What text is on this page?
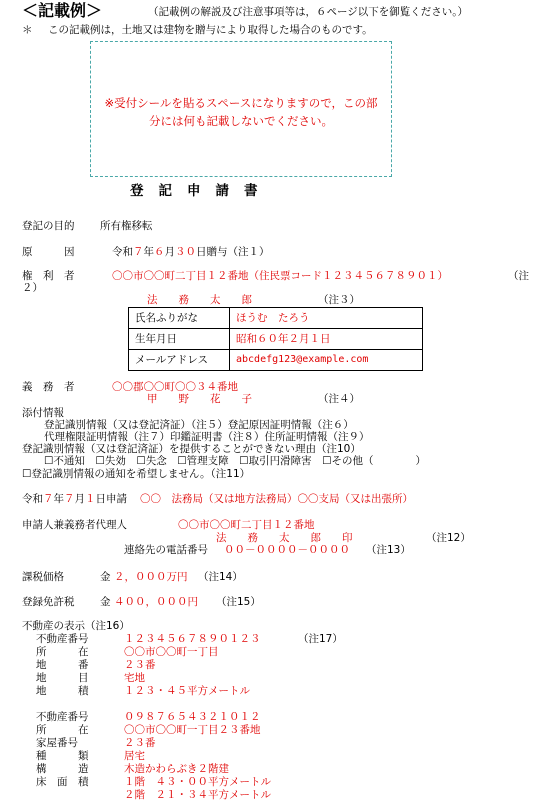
＜記載例＞	（記載例の解説及び注意事項等は，６ページ以下を御覧ください。）
＊ この記載例は，土地又は建物を贈与により取得した場合のものです。
※受付シールを貼るスペースになりますので，この部
分には何も記載しないでください。
登記申請書
登記の目的 所有権移転
原　　　因	令和７年６月３０日贈与（注１）
権　利　者	〇〇市〇〇町二丁目１２番地（住民票コード１２３４５６７８９０１）	（注
２）
法　　務　　太　　郎	（注３）
氏名ふりがな	ほうむ　たろう
生年月日	昭和６０年２月１日
メールアドレス	abcdefg123@example.com
義　務　者	〇〇郡〇〇町〇〇３４番地
甲　　野　　花　　子	（注４）
添付情報
登記識別情報（又は登記済証）（注５）登記原因証明情報（注６）
代理権限証明情報（注７）印鑑証明書（注８）住所証明情報（注９）
登記識別情報（又は登記済証）を提供することができない理由（注10）
☐不通知　☐失効　☐失念　☐管理支障　☐取引円滑障害　☐その他（　　　　）
☐登記識別情報の通知を希望しません。（注11）
令和７年７月１日申請 〇〇　法務局（又は地方法務局）〇〇支局（又は出張所）
申請人兼義務者代理人	〇〇市〇〇町二丁目１２番地
法　　務　　太　　郎　　印	（注12）
連絡先の電話番号 ００－００００－００００ （注13）
課税価格	金 ２，０００万円 （注14）
登録免許税 金 ４００，０００円 （注15）
不動産の表示（注16）
不動産番号	１２３４５６７８９０１２３	（注17）
所　　　在	〇〇市〇〇町一丁目
地　　　番	２３番
地　　　目	宅地
地　　　積	１２３・４５平方メートル
不動産番号	０９８７６５４３２１０１２
所　　　在	〇〇市〇〇町一丁目２３番地
家屋番号	２３番
種　　　類	居宅
構　　　造	木造かわらぶき２階建
床　面　積	１階　４３・００平方メートル
２階　２１・３４平方メートル
